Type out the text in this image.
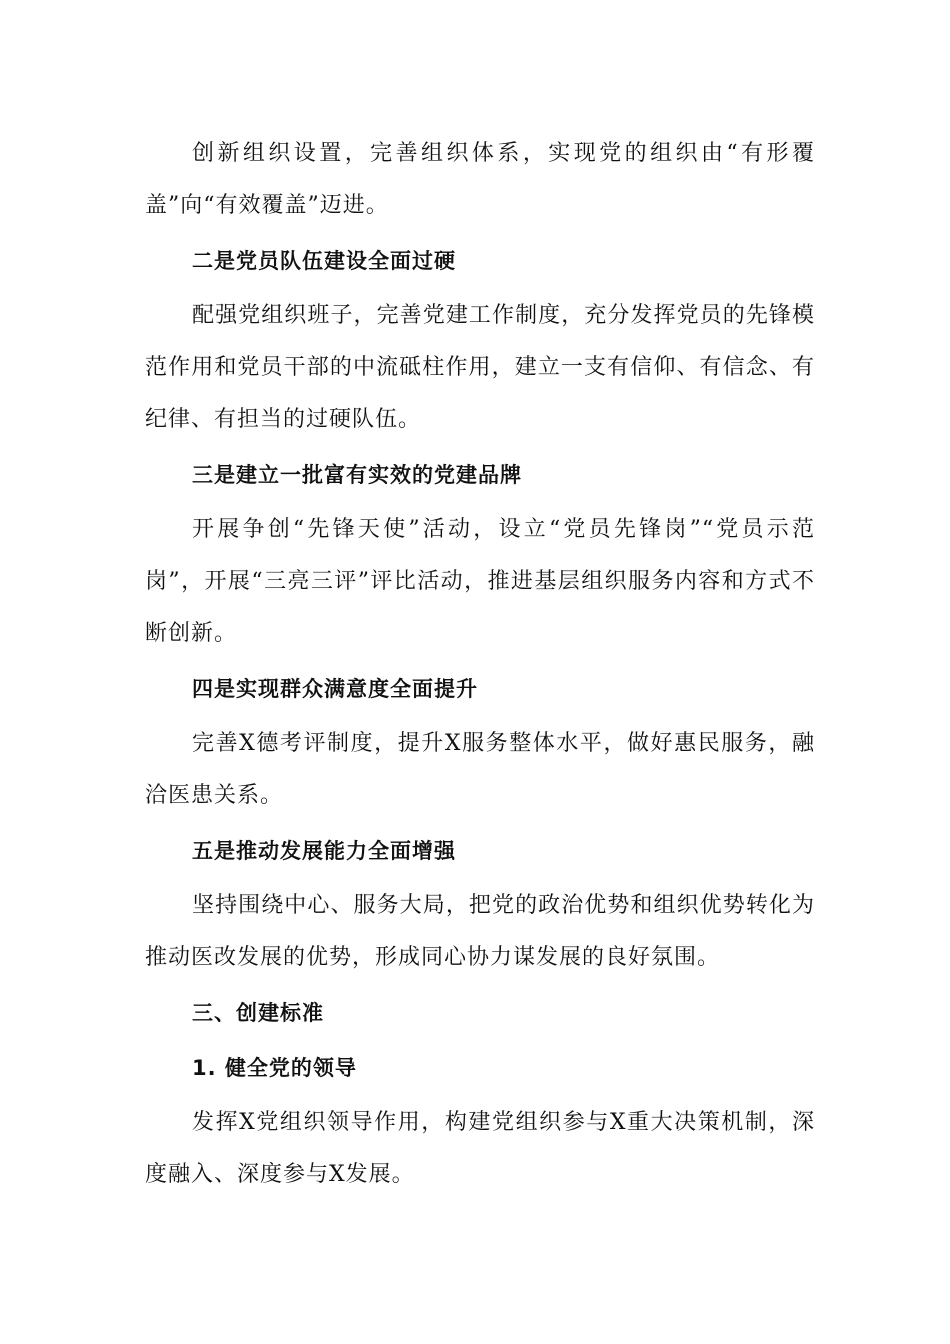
创新组织设置，完善组织体系，实现党的组织由“有形覆盖”向“有效覆盖”迈进。

二是党员队伍建设全面过硬

配强党组织班子，完善党建工作制度，充分发挥党员的先锋模范作用和党员干部的中流砥柱作用，建立一支有信仰、有信念、有纪律、有担当的过硬队伍。

三是建立一批富有实效的党建品牌

开展争创“先锋天使”活动，设立“党员先锋岗”“党员示范岗”，开展“三亮三评”评比活动，推进基层组织服务内容和方式不断创新。

四是实现群众满意度全面提升

完善X德考评制度，提升X服务整体水平，做好惠民服务，融洽医患关系。

五是推动发展能力全面增强

坚持围绕中心、服务大局，把党的政治优势和组织优势转化为推动医改发展的优势，形成同心协力谋发展的良好氛围。

三、创建标准

1. 健全党的领导

发挥X党组织领导作用，构建党组织参与X重大决策机制，深度融入、深度参与X发展。
